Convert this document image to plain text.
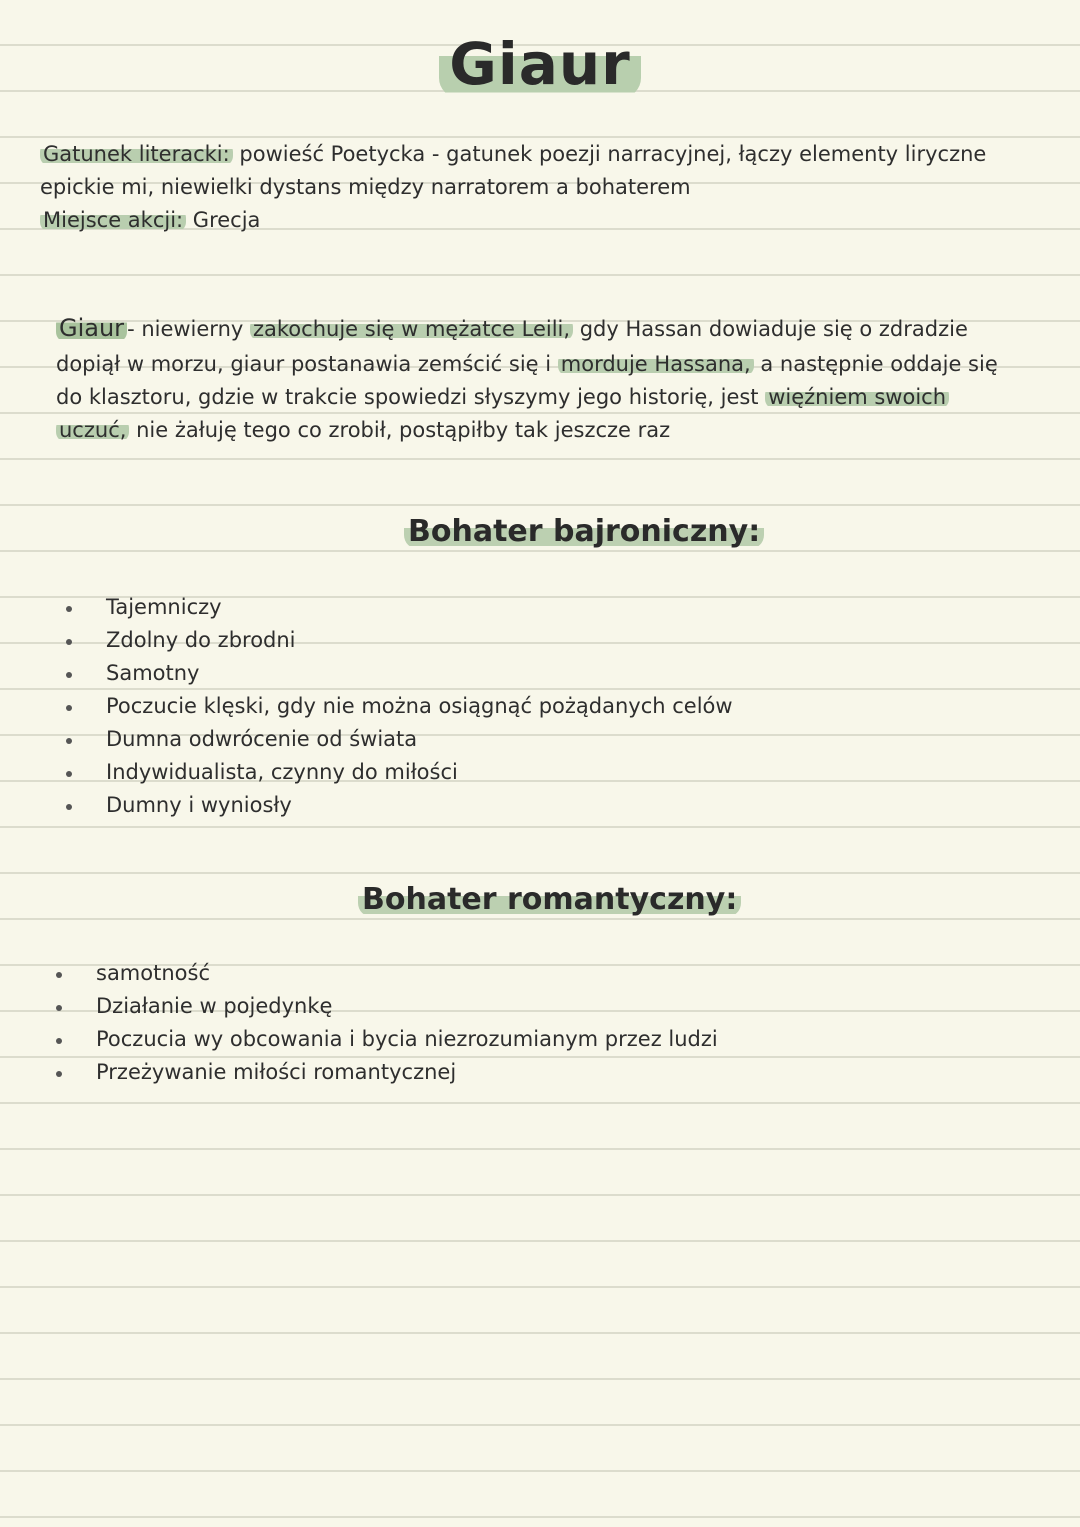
Giaur
Gatunek literacki: powieść Poetycka - gatunek poezji narracyjnej, łączy elementy liryczne
epickie mi, niewielki dystans między narratorem a bohaterem
Miejsce akcji: Grecja
Giaur - niewierny zakochuje się w mężatce Leili, gdy Hassan dowiaduje się o zdradzie
dopiął w morzu, giaur postanawia zemścić się i morduje Hassana, a następnie oddaje się
do klasztoru, gdzie w trakcie spowiedzi słyszymy jego historię, jest więźniem swoich
uczuć, nie żałuję tego co zrobił, postąpiłby tak jeszcze raz
Bohater bajroniczny:
Tajemniczy
Zdolny do zbrodni
Samotny
Poczucie klęski, gdy nie można osiągnąć pożądanych celów
Dumna odwrócenie od świata
Indywidualista, czynny do miłości
Dumny i wyniosły
Bohater romantyczny:
samotność
Działanie w pojedynkę
Poczucia wy obcowania i bycia niezrozumianym przez ludzi
Przeżywanie miłości romantycznej
